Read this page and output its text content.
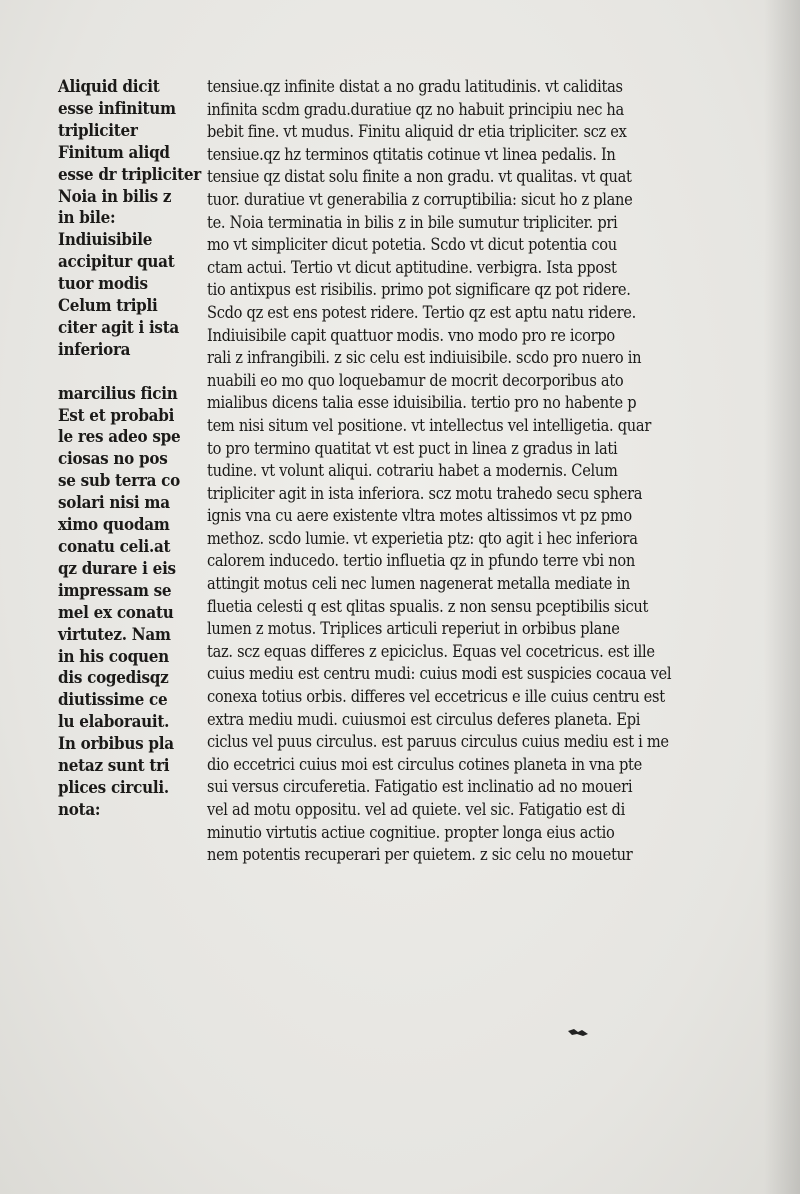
Aliquid dicit
esse infinitum
tripliciter
Finitum aliqd
esse dr tripliciter
Noia in bilis z
in bile:
Indiuisibile
accipitur quat
tuor modis
Celum tripli
citer agit i ista
inferiora
marcilius ficin
Est et probabi
le res adeo spe
ciosas no pos
se sub terra co
solari nisi ma
ximo quodam
conatu celi.at
qz durare i eis
impressam se
mel ex conatu
virtutez. Nam
in his coquen
dis cogedisqz
diutissime ce
lu elaborauit.
In orbibus pla
netaz sunt tri
plices circuli.
nota:
tensiue.qz infinite distat a no gradu latitudinis. vt caliditas
infinita scdm gradu.duratiue qz no habuit principiu nec ha
bebit fine. vt mudus. Finitu aliquid dr etia tripliciter. scz ex
tensiue.qz hz terminos qtitatis cotinue vt linea pedalis. In
tensiue qz distat solu finite a non gradu. vt qualitas. vt quat
tuor. duratiue vt generabilia z corruptibilia: sicut ho z plane
te. Noia terminatia in bilis z in bile sumutur tripliciter. pri
mo vt simpliciter dicut potetia. Scdo vt dicut potentia cou
ctam actui. Tertio vt dicut aptitudine. verbigra. Ista ppost
tio antixpus est risibilis. primo pot significare qz pot ridere.
Scdo qz est ens potest ridere. Tertio qz est aptu natu ridere.
Indiuisibile capit quattuor modis. vno modo pro re icorpo
rali z infrangibili. z sic celu est indiuisibile. scdo pro nuero in
nuabili eo mo quo loquebamur de mocrit decorporibus ato
mialibus dicens talia esse iduisibilia. tertio pro no habente p
tem nisi situm vel positione. vt intellectus vel intelligetia. quar
to pro termino quatitat vt est puct in linea z gradus in lati
tudine. vt volunt aliqui. cotrariu habet a modernis. Celum
tripliciter agit in ista inferiora. scz motu trahedo secu sphera
ignis vna cu aere existente vltra motes altissimos vt pz pmo
methoz. scdo lumie. vt experietia ptz: qto agit i hec inferiora
calorem inducedo. tertio influetia qz in pfundo terre vbi non
attingit motus celi nec lumen nagenerat metalla mediate in
fluetia celesti q est qlitas spualis. z non sensu pceptibilis sicut
lumen z motus. Triplices articuli reperiut in orbibus plane
taz. scz equas differes z epiciclus. Equas vel cocetricus. est ille
cuius mediu est centru mudi: cuius modi est suspicies cocaua vel
conexa totius orbis. differes vel eccetricus e ille cuius centru est
extra mediu mudi. cuiusmoi est circulus deferes planeta. Epi
ciclus vel puus circulus. est paruus circulus cuius mediu est i me
dio eccetrici cuius moi est circulus cotines planeta in vna pte
sui versus circuferetia. Fatigatio est inclinatio ad no moueri
vel ad motu oppositu. vel ad quiete. vel sic. Fatigatio est di
minutio virtutis actiue cognitiue. propter longa eius actio
nem potentis recuperari per quietem. z sic celu no mouetur
